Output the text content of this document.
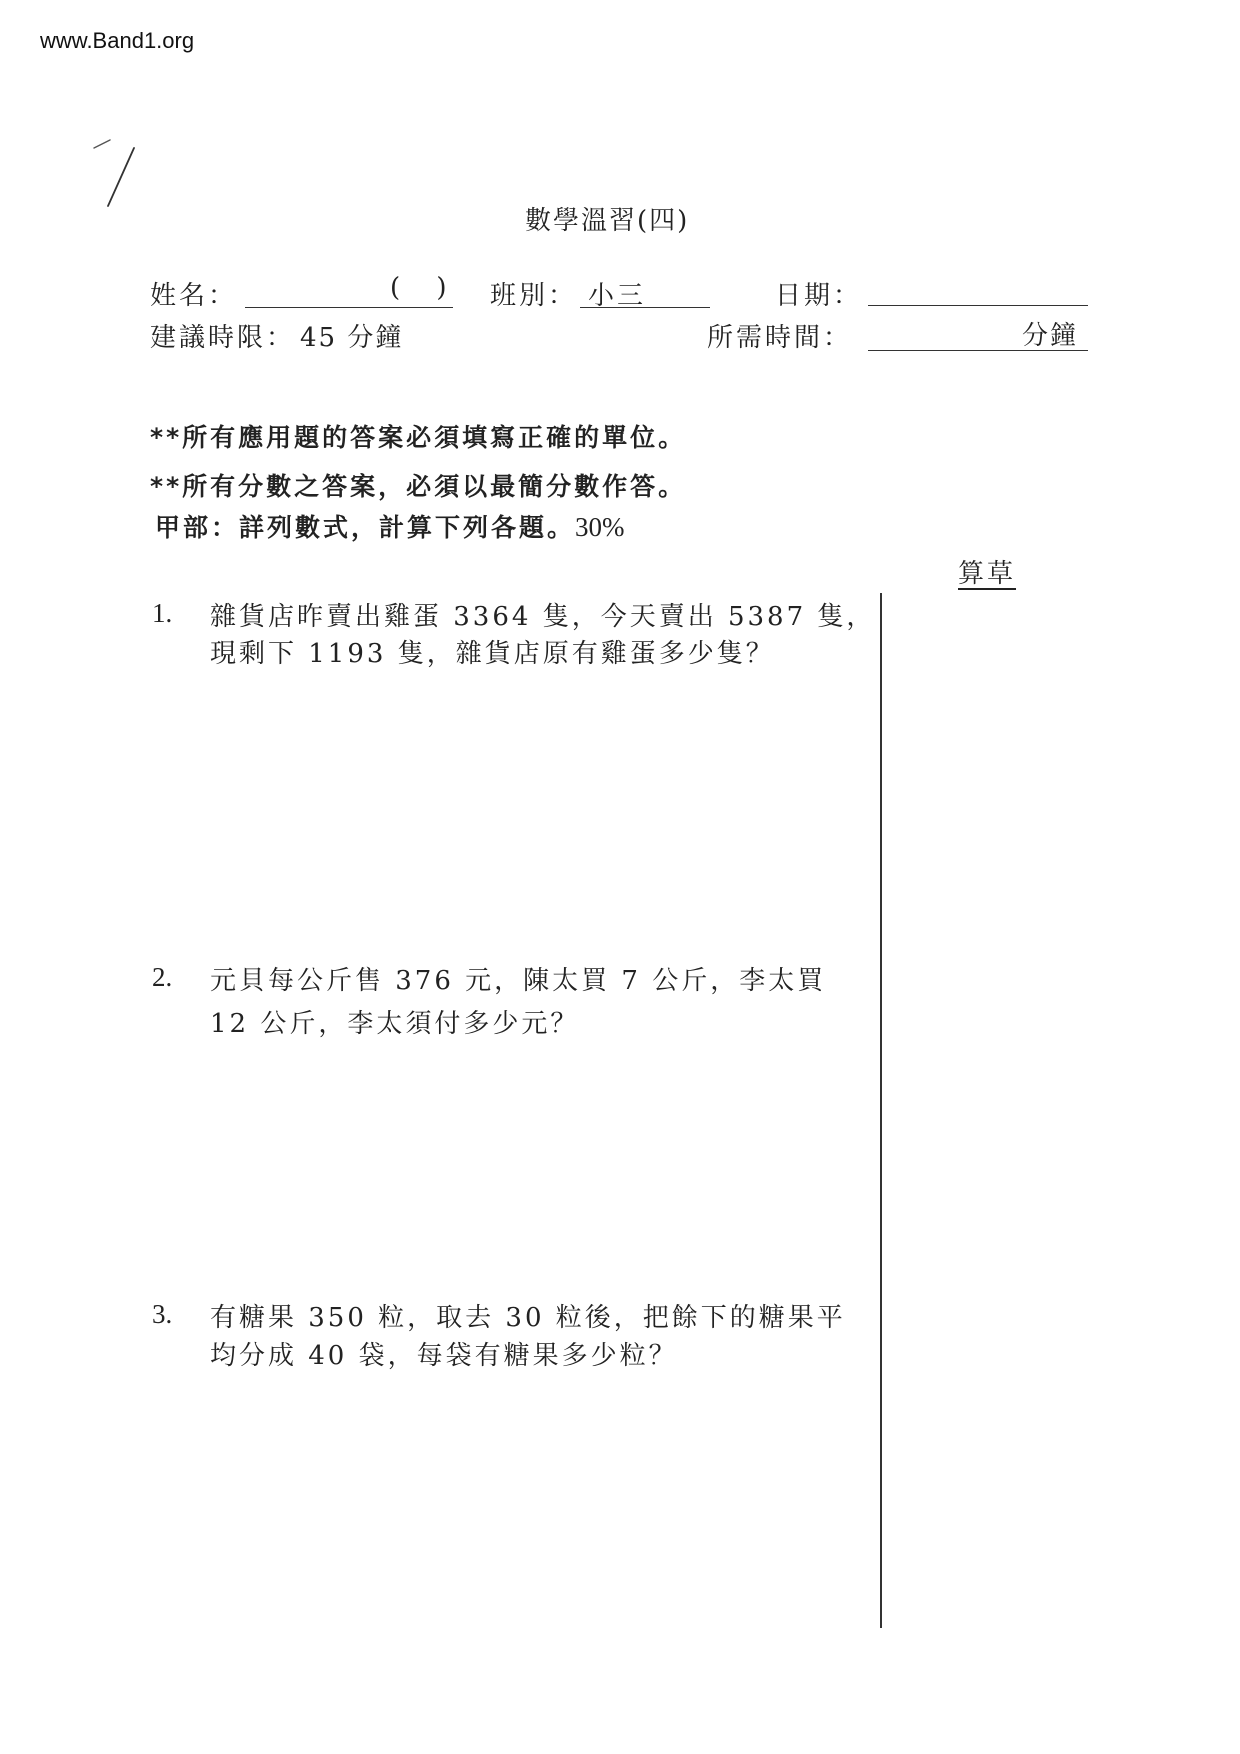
www.Band1.org
數學溫習(四)
姓名：	( ) 班別： 小三	日期：
建議時限： 45 分鐘	所需時間：	分鐘
**所有應用題的答案必須填寫正確的單位。
**所有分數之答案，必須以最簡分數作答。
甲部：詳列數式，計算下列各題。30%
算草
1. 雜貨店昨賣出雞蛋 3364 隻，今天賣出 5387 隻，
現剩下 1193 隻，雜貨店原有雞蛋多少隻？
2. 元貝每公斤售 376 元，陳太買 7 公斤，李太買
12 公斤，李太須付多少元？
3. 有糖果 350 粒，取去 30 粒後，把餘下的糖果平
均分成 40 袋，每袋有糖果多少粒？
